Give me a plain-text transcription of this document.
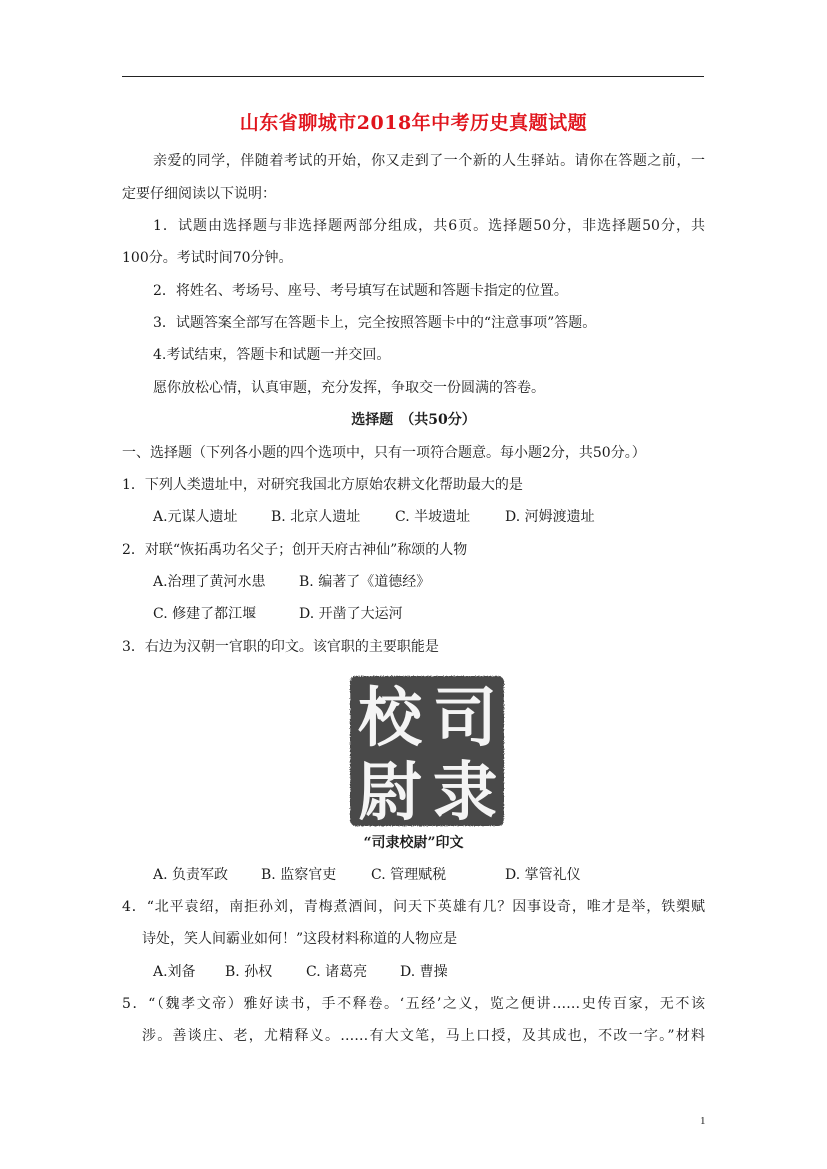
山东省聊城市2018年中考历史真题试题
亲爱的同学，伴随着考试的开始，你又走到了一个新的人生驿站。请你在答题之前，一
定要仔细阅读以下说明：
1．试题由选择题与非选择题两部分组成，共6页。选择题50分，非选择题50分，共
100分。考试时间70分钟。
2．将姓名、考场号、座号、考号填写在试题和答题卡指定的位置。
3．试题答案全部写在答题卡上，完全按照答题卡中的“注意事项”答题。
4.考试结束，答题卡和试题一并交回。
愿你放松心情，认真审题，充分发挥，争取交一份圆满的答卷。
选择题　（共50分）
一、选择题（下列各小题的四个选项中，只有一项符合题意。每小题2分，共50分。）
1．下列人类遗址中，对研究我国北方原始农耕文化帮助最大的是
A.元谋人遗址 B. 北京人遗址 C. 半坡遗址 D. 河姆渡遗址
2．对联“恢拓禹功名父子；创开天府古神仙”称颂的人物
A.治理了黄河水患 B. 编著了《道德经》
C. 修建了都江堰	D. 开凿了大运河
3．右边为汉朝一官职的印文。该官职的主要职能是
司
隶
校
尉
“司隶校尉”印文
A. 负责军政 B. 监察官吏 C. 管理赋税	D. 掌管礼仪
4．“北平袁绍，南拒孙刘，青梅煮酒间，问天下英雄有几？因事设奇，唯才是举，铁槊赋
诗处，笑人间霸业如何！”这段材料称道的人物应是
A.刘备 B. 孙权 C. 诸葛亮 D. 曹操
5．“（魏孝文帝）雅好读书，手不释卷。‘五经’之义，览之便讲……史传百家，无不该
涉。善谈庄、老，尤精释义。……有大文笔，马上口授，及其成也，不改一字。”材料
1
